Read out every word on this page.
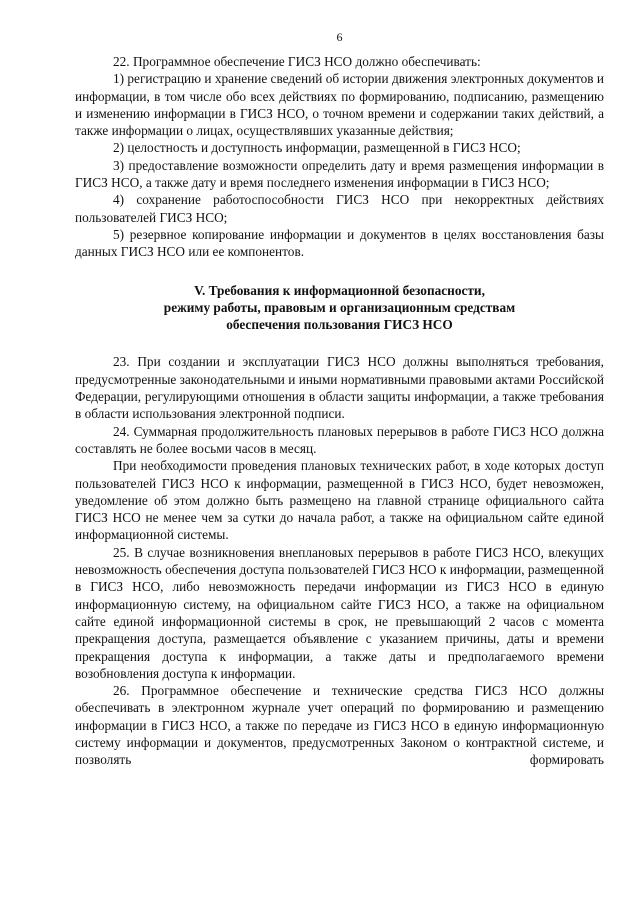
6

22. Программное обеспечение ГИСЗ НСО должно обеспечивать:

1) регистрацию и хранение сведений об истории движения электронных документов и информации, в том числе обо всех действиях по формированию, подписанию, размещению и изменению информации в ГИСЗ НСО, о точном времени и содержании таких действий, а также информации о лицах, осуществлявших указанные действия;

2) целостность и доступность информации, размещенной в ГИСЗ НСО;

3) предоставление возможности определить дату и время размещения информации в ГИСЗ НСО, а также дату и время последнего изменения информации в ГИСЗ НСО;

4) сохранение работоспособности ГИСЗ НСО при некорректных действиях пользователей ГИСЗ НСО;

5) резервное копирование информации и документов в целях восстановления базы данных ГИСЗ НСО или ее компонентов.

V. Требования к информационной безопасности,
режиму работы, правовым и организационным средствам
обеспечения пользования ГИСЗ НСО

23. При создании и эксплуатации ГИСЗ НСО должны выполняться требования, предусмотренные законодательными и иными нормативными правовыми актами Российской Федерации, регулирующими отношения в области защиты информации, а также требования в области использования электронной подписи.

24. Суммарная продолжительность плановых перерывов в работе ГИСЗ НСО должна составлять не более восьми часов в месяц.

При необходимости проведения плановых технических работ, в ходе которых доступ пользователей ГИСЗ НСО к информации, размещенной в ГИСЗ НСО, будет невозможен, уведомление об этом должно быть размещено на главной странице официального сайта ГИСЗ НСО не менее чем за сутки до начала работ, а также на официальном сайте единой информационной системы.

25. В случае возникновения внеплановых перерывов в работе ГИСЗ НСО, влекущих невозможность обеспечения доступа пользователей ГИСЗ НСО к информации, размещенной в ГИСЗ НСО, либо невозможность передачи информации из ГИСЗ НСО в единую информационную систему, на официальном сайте ГИСЗ НСО, а также на официальном сайте единой информационной системы в срок, не превышающий 2 часов с момента прекращения доступа, размещается объявление с указанием причины, даты и времени прекращения доступа к информации, а также даты и предполагаемого времени возобновления доступа к информации.

26. Программное обеспечение и технические средства ГИСЗ НСО должны обеспечивать в электронном журнале учет операций по формированию и размещению информации в ГИСЗ НСО, а также по передаче из ГИСЗ НСО в единую информационную систему информации и документов, предусмотренных Законом о контрактной системе, и позволять формировать
